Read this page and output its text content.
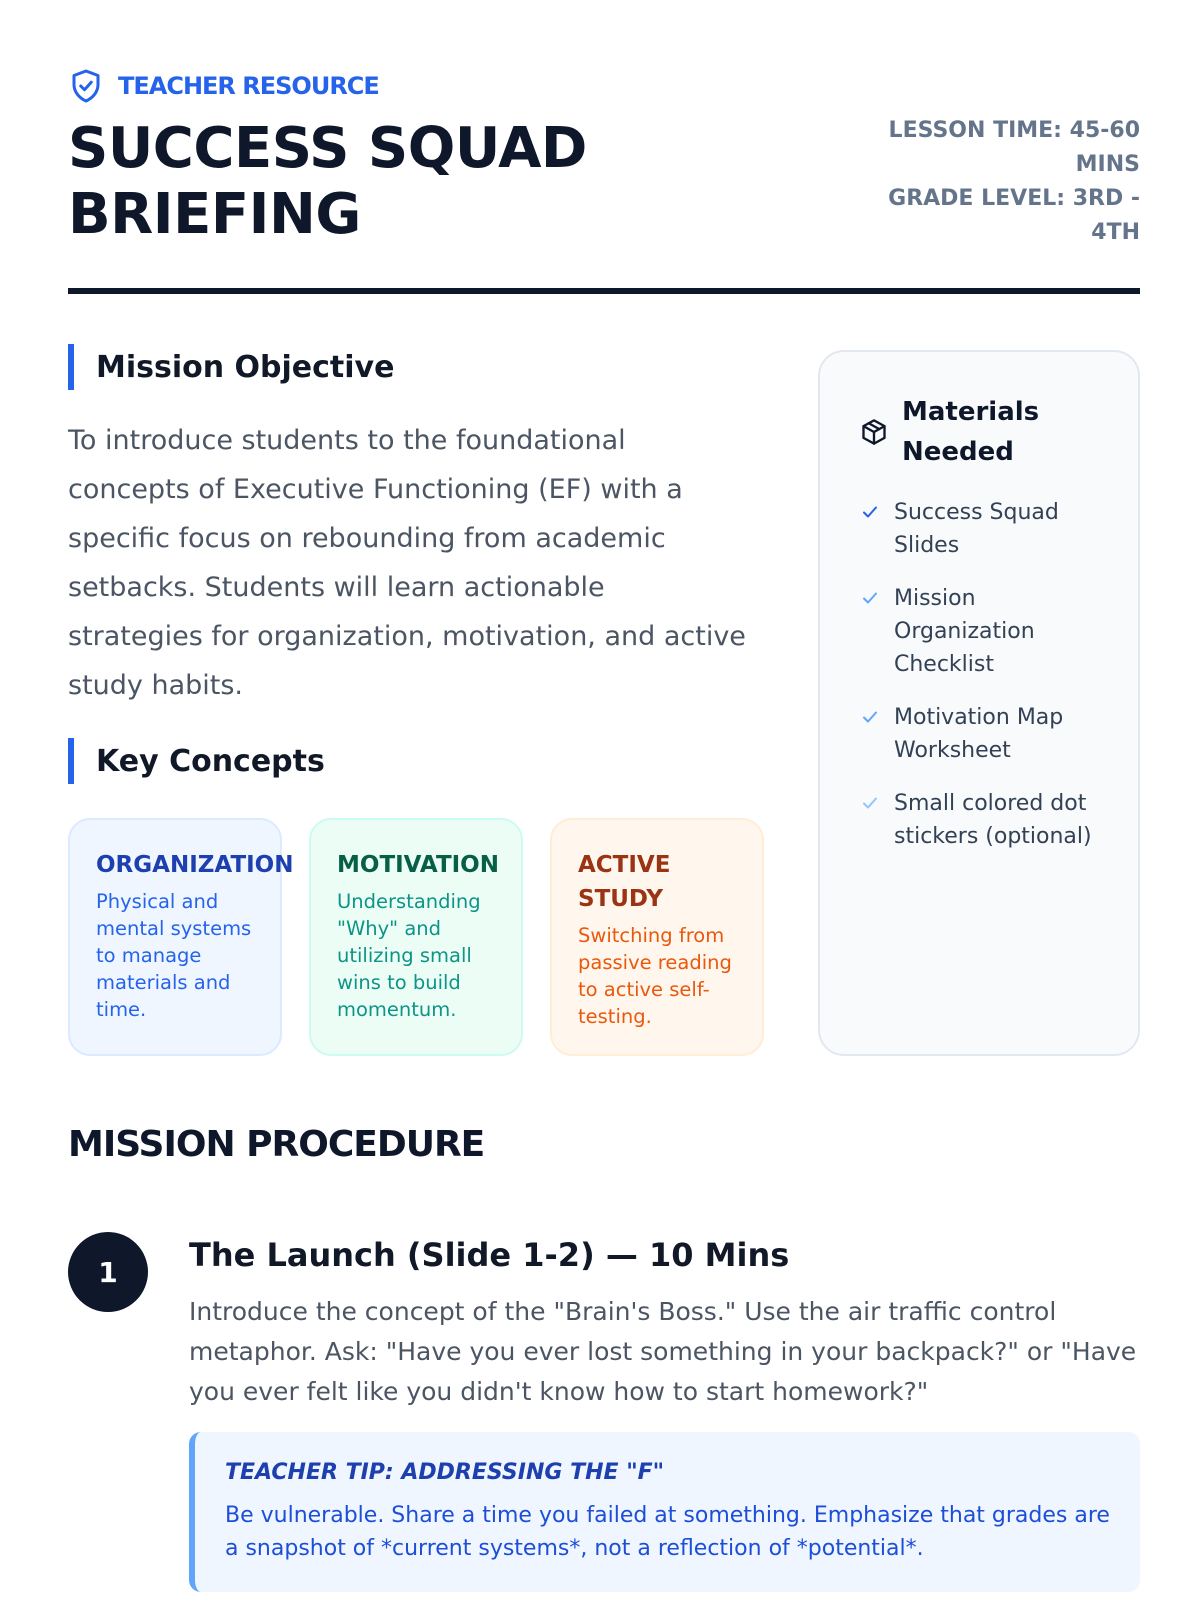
TEACHER RESOURCE
SUCCESS SQUAD BRIEFING
LESSON TIME: 45-60 MINS
GRADE LEVEL: 3RD - 4TH
Mission Objective

To introduce students to the foundational concepts of Executive Functioning (EF) with a specific focus on rebounding from academic setbacks. Students will learn actionable strategies for organization, motivation, and active study habits.

Key Concepts
ORGANIZATION
Physical and mental systems to manage materials and time.
MOTIVATION
Understanding "Why" and utilizing small wins to build momentum.
ACTIVE STUDY
Switching from passive reading to active self-testing.
Materials Needed
Success Squad Slides
Mission Organization Checklist
Motivation Map Worksheet
Small colored dot stickers (optional)
MISSION PROCEDURE
1	The Launch (Slide 1-2) — 10 Mins

Introduce the concept of the "Brain's Boss." Use the air traffic control metaphor. Ask: "Have you ever lost something in your backpack?" or "Have you ever felt like you didn't know how to start homework?"

TEACHER TIP: ADDRESSING THE "F"
Be vulnerable. Share a time you failed at something. Emphasize that grades are a snapshot of *current systems*, not a reflection of *potential*.
